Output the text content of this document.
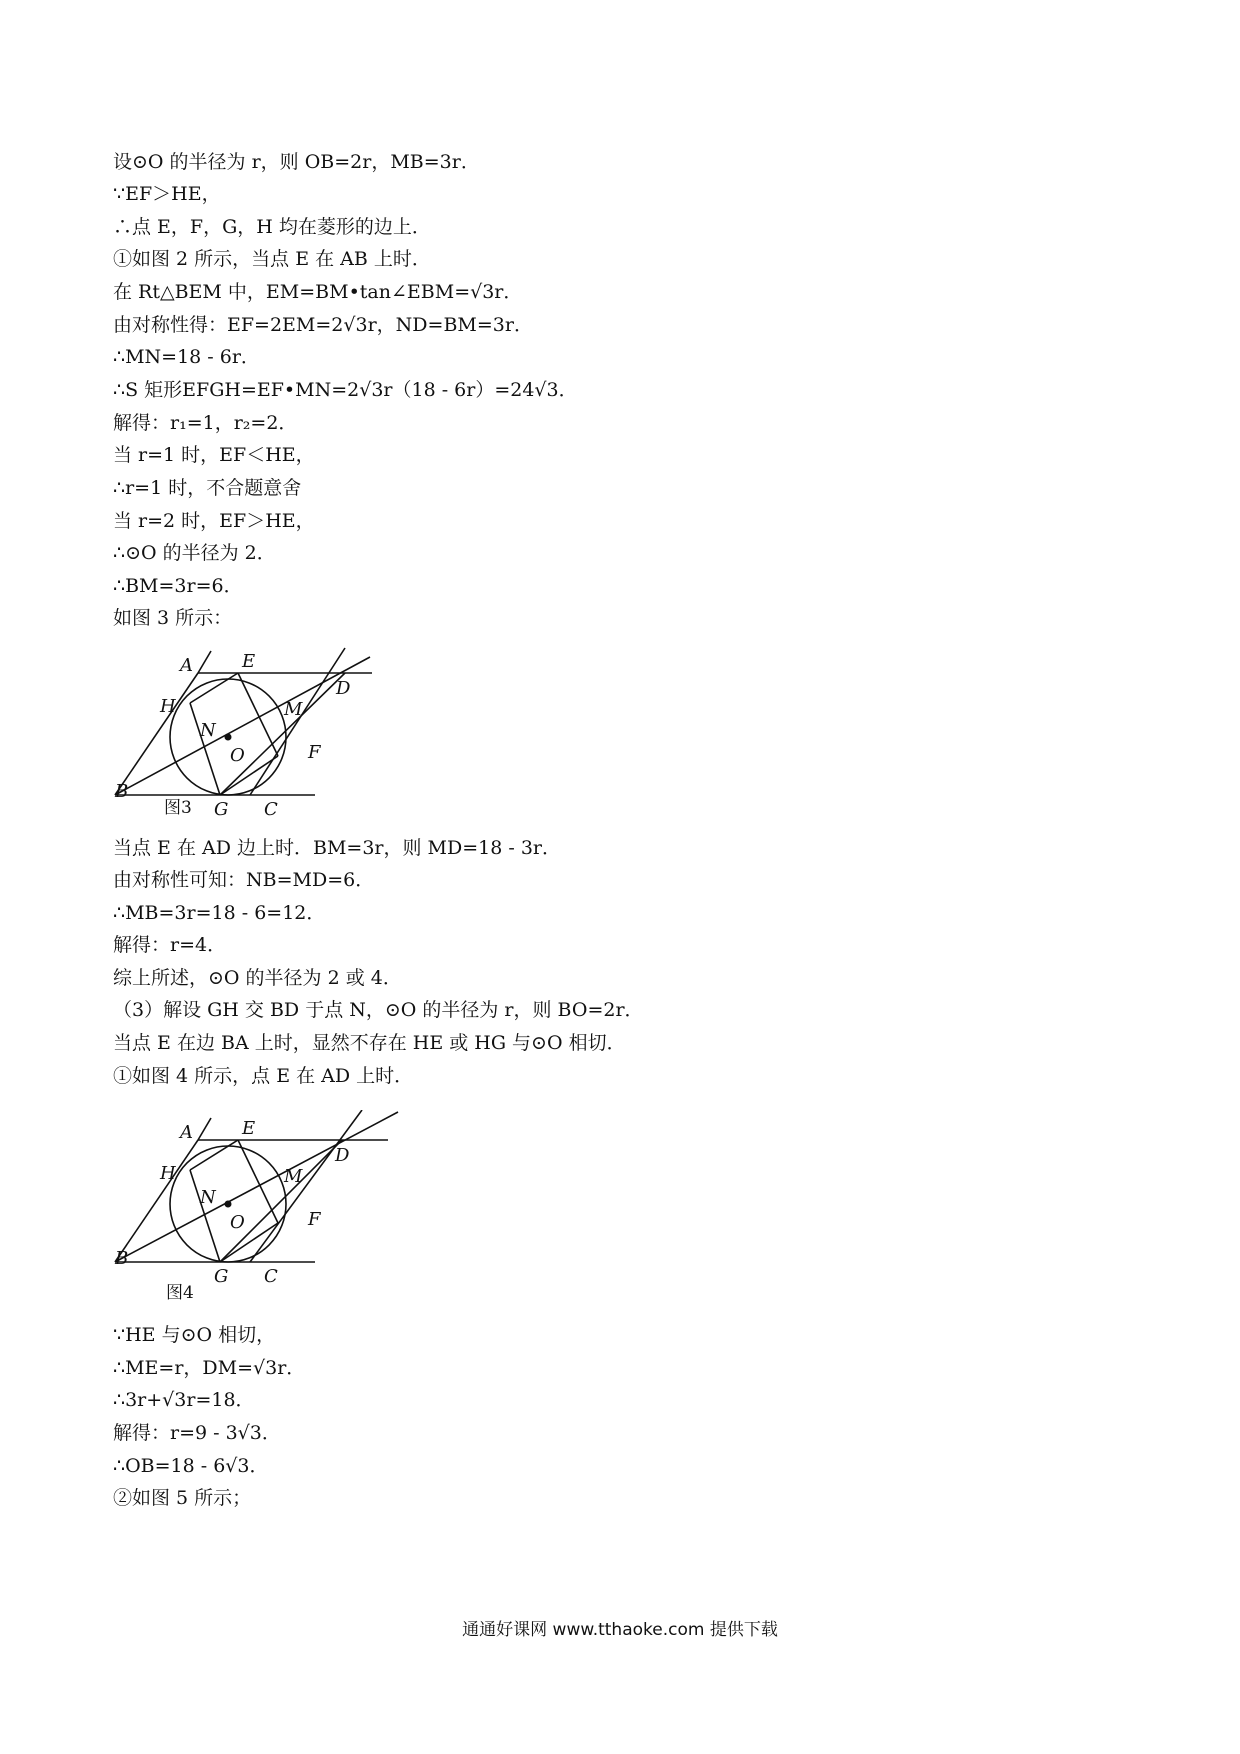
设⊙O 的半径为 r，则 OB=2r，MB=3r．
∵EF＞HE，
∴点 E，F，G，H 均在菱形的边上．
①如图 2 所示，当点 E 在 AB 上时．
在 Rt△BEM 中，EM=BM•tan∠EBM=√3r．
由对称性得：EF=2EM=2√3r，ND=BM=3r．
∴MN=18 - 6r．
∴S 矩形EFGH=EF•MN=2√3r（18 - 6r）=24√3．
解得：r₁=1，r₂=2．
当 r=1 时，EF＜HE，
∴r=1 时，不合题意舍
当 r=2 时，EF＞HE，
∴⊙O 的半径为 2．
∴BM=3r=6．
如图 3 所示：
A	E
D
H	M
N
O	F
B
图3 G C
当点 E 在 AD 边上时．BM=3r，则 MD=18 - 3r．
由对称性可知：NB=MD=6．
∴MB=3r=18 - 6=12．
解得：r=4．
综上所述，⊙O 的半径为 2 或 4．
（3）解设 GH 交 BD 于点 N，⊙O 的半径为 r，则 BO=2r．
当点 E 在边 BA 上时，显然不存在 HE 或 HG 与⊙O 相切．
①如图 4 所示，点 E 在 AD 上时．
A	E
D
H	M
N
O	F
B
G C
图4
∵HE 与⊙O 相切，
∴ME=r，DM=√3r．
∴3r+√3r=18．
解得：r=9 - 3√3．
∴OB=18 - 6√3．
②如图 5 所示；
通通好课网 www.tthaoke.com 提供下载
